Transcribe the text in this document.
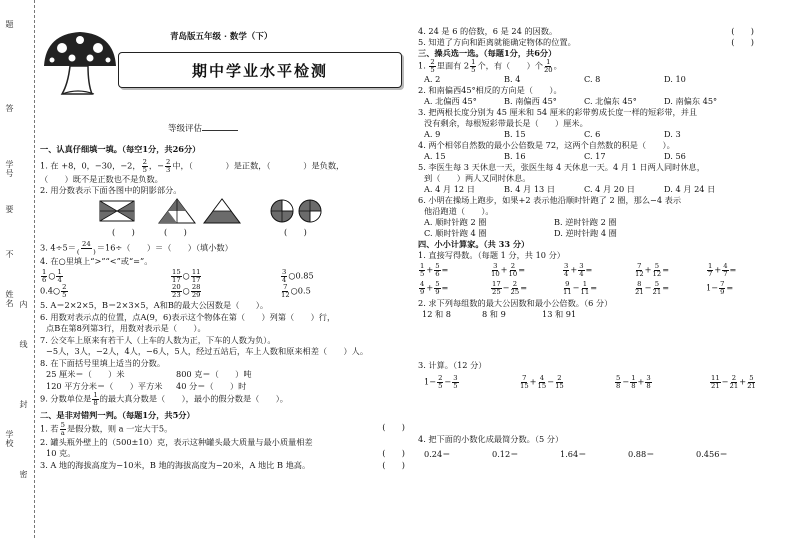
题
答
学号
要
不
姓名 内
线
封
学校
密
青岛版五年级 · 数学（下）
期中学业水平检测
等级评估
一、认真仔细填一填。（每空1分，共26分）
1. 在 +8，0，−30，−2， $\frac{2}{5}$ ，− $\frac{2}{3}$ 中，（　　　　）是正数，（　　　　）是负数，
（　　）既不是正数也不是负数。
2. 用分数表示下面各图中的阴影部分。
(　　)	(　　)	(　　)
3. $4\div 5= \frac{24}{( )} =16\div$（　　）＝（　　）（填小数）
4. 在○里填上“>”“<”或“=”。
$\frac{1}{6}$ ○ $\frac{1}{4}$	$\frac{15}{17}$ ○ $\frac{11}{17}$	$\frac{3}{4}$ ○0.85
0.4○ $\frac{2}{5}$	$\frac{20}{23}$ ○ $\frac{28}{29}$	$\frac{7}{12}$ ○0.5
5. A＝2×2×5，B＝2×3×5，A和B的最大公因数是（　　）。
6. 用数对表示点的位置，点A(9，6)表示这个物体在第（　　）列第（　　）行，
点B在第8列第3行，用数对表示是（　　）。
7. 公交车上原来有若干人（上车的人数为正，下车的人数为负）。
−5人，3人，−2人，4人，−6人，5人，经过五站后，车上人数和原来相差（　　）人。
8. 在下面括号里填上适当的分数。
25 厘米＝（　　）米	800 克＝（　　）吨
120 平方分米＝（　　）平方米	40 分＝（　　）时
9. 分数单位是 $\frac{1}{8}$ 的最大真分数是（　　），最小的假分数是（　　）。
二、是非对错判一判。（每题1分，共5分）
1. 若 $\frac{5}{a}$ 是假分数，则 a 一定大于5。	(　　)
2. 罐头瓶外壁上的（500±10）克，表示这种罐头最大质量与最小质量相差
10 克。	(　　)
3. A 地的海拔高度为−10米，B 地的海拔高度为−20米，A 地比 B 地高。	(　　)
4. 24 是 6 的倍数，6 是 24 的因数。	(　　)
5. 知道了方向和距离就能确定物体的位置。	(　　)
三、操兵选一选。（每题1分，共6分）
1. $\frac{2}{5}$ 里面有 $2 \frac{1}{5}$ 个，有（　　）个 $\frac{1}{20}$ 。
A. 2	B. 4	C. 8	D. 10
2. 和南偏西45°相反的方向是（　　）。
A. 北偏西 45°	B. 南偏西 45°	C. 北偏东 45°	D. 南偏东 45°
3. 把两根长度分别为 45 厘米和 54 厘米的彩带剪成长度一样的短彩带，并且
没有剩余，每根短彩带最长是（　　）厘米。
A. 9	B. 15	C. 6	D. 3
4. 两个相邻自然数的最小公倍数是 72，这两个自然数的积是（　　）。
A. 15	B. 16	C. 17	D. 56
5. 李医生每 3 天休息一天，张医生每 4 天休息一天。4 月 1 日两人同时休息，
到（　　）两人又同时休息。
A. 4 月 12 日	B. 4 月 13 日	C. 4 月 20 日	D. 4 月 24 日
6. 小明在操场上跑步，如果+2 表示他沿顺时针跑了 2 圈，那么−4 表示
他沿跑道（　　）。
A. 顺时针跑 2 圈	B. 逆时针跑 2 圈
C. 顺时针跑 4 圈	D. 逆时针跑 4 圈
四、小小计算家。（共 33 分）
1. 直接写得数。（每题 1 分，共 10 分）
$\frac{1}{5} + \frac{5}{6}$ =	$\frac{3}{10} + \frac{2}{10}$ =	$\frac{3}{4} + \frac{3}{4}$ =	$\frac{7}{12} + \frac{5}{12}$ =	$\frac{1}{7} + \frac{4}{7}$ =
$\frac{4}{9} + \frac{5}{9}$ =	$\frac{17}{25} - \frac{2}{25}$ =	$\frac{9}{11} - \frac{1}{11}$ =	$\frac{8}{21} - \frac{5}{21}$ =	$1- \frac{7}{9}$ =
2. 求下列每组数的最大公因数和最小公倍数。（6 分）
12 和 8	8 和 9	13 和 91
3. 计算。（12 分）
$1- \frac{2}{5} - \frac{3}{5}$	$\frac{7}{15} + \frac{4}{15} - \frac{2}{15}$	$\frac{5}{8} - \frac{1}{8} + \frac{3}{8}$	$\frac{11}{21} - \frac{2}{21} + \frac{5}{21}$
4. 把下面的小数化成最简分数。（5 分）
0.24＝	0.12＝	1.64＝	0.88＝	0.456＝
